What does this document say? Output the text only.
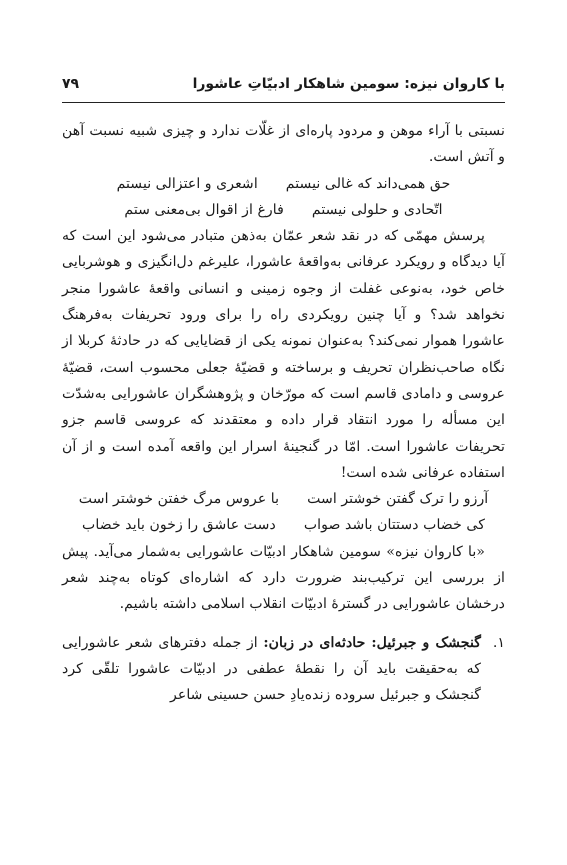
با کاروان نیزه: سومین شاهکار ادبیّاتِ عاشورا
۷۹

نسبتی با آراء موهن و مردود پاره‌ای از غلّات ندارد و چیزی شبیه نسبت آهن و آتش است.

حق همی‌داند که غالی نیستم
اشعری و اعتزالی نیستم
اتّحادی و حلولی نیستم
فارغ از اقوال بی‌معنی ستم

پرسش مهمّی که در نقد شعر عمّان به‌ذهن متبادر می‌شود این است که آیا دیدگاه و رویکرد عرفانی به‌واقعهٔ عاشورا، علیرغم دل‌انگیزی و هوشربایی خاص خود، به‌نوعی غفلت از وجوه زمینی و انسانی واقعهٔ عاشورا منجر نخواهد شد؟ و آیا چنین رویکردی راه را برای ورود تحریفات به‌فرهنگ عاشورا هموار نمی‌کند؟ به‌عنوان نمونه یکی از قضایایی که در حادثهٔ کربلا از نگاه صاحب‌نظران تحریف و برساخته و قضیّهٔ جعلی محسوب است، قضیّهٔ عروسی و دامادی قاسم است که مورّخان و پژوهشگران عاشورایی به‌شدّت این مسأله را مورد انتقاد قرار داده و معتقدند که عروسی قاسم جزو تحریفات عاشورا است. امّا در گنجینهٔ اسرار این واقعه آمده است و از آن استفاده عرفانی شده است!

آرزو را ترک گفتن خوشتر است
با عروس مرگ خفتن خوشتر است
کی خضاب دستتان باشد صواب
دست عاشق را زخون باید خضاب

«با کاروان نیزه» سومین شاهکار ادبیّات عاشورایی به‌شمار می‌آید. پیش از بررسی این ترکیب‌بند ضرورت دارد که اشاره‌ای کوتاه به‌چند شعر درخشان عاشورایی در گسترهٔ ادبیّات انقلاب اسلامی داشته باشیم.

۱.
گنجشک و جبرئیل: حادثه‌ای در زبان: از جمله دفترهای شعر عاشورایی که به‌حقیقت باید آن را نقطهٔ عطفی در ادبیّات عاشورا تلقّی کرد گنجشک و جبرئیل سروده زنده‌یادِ حسن حسینی شاعر
